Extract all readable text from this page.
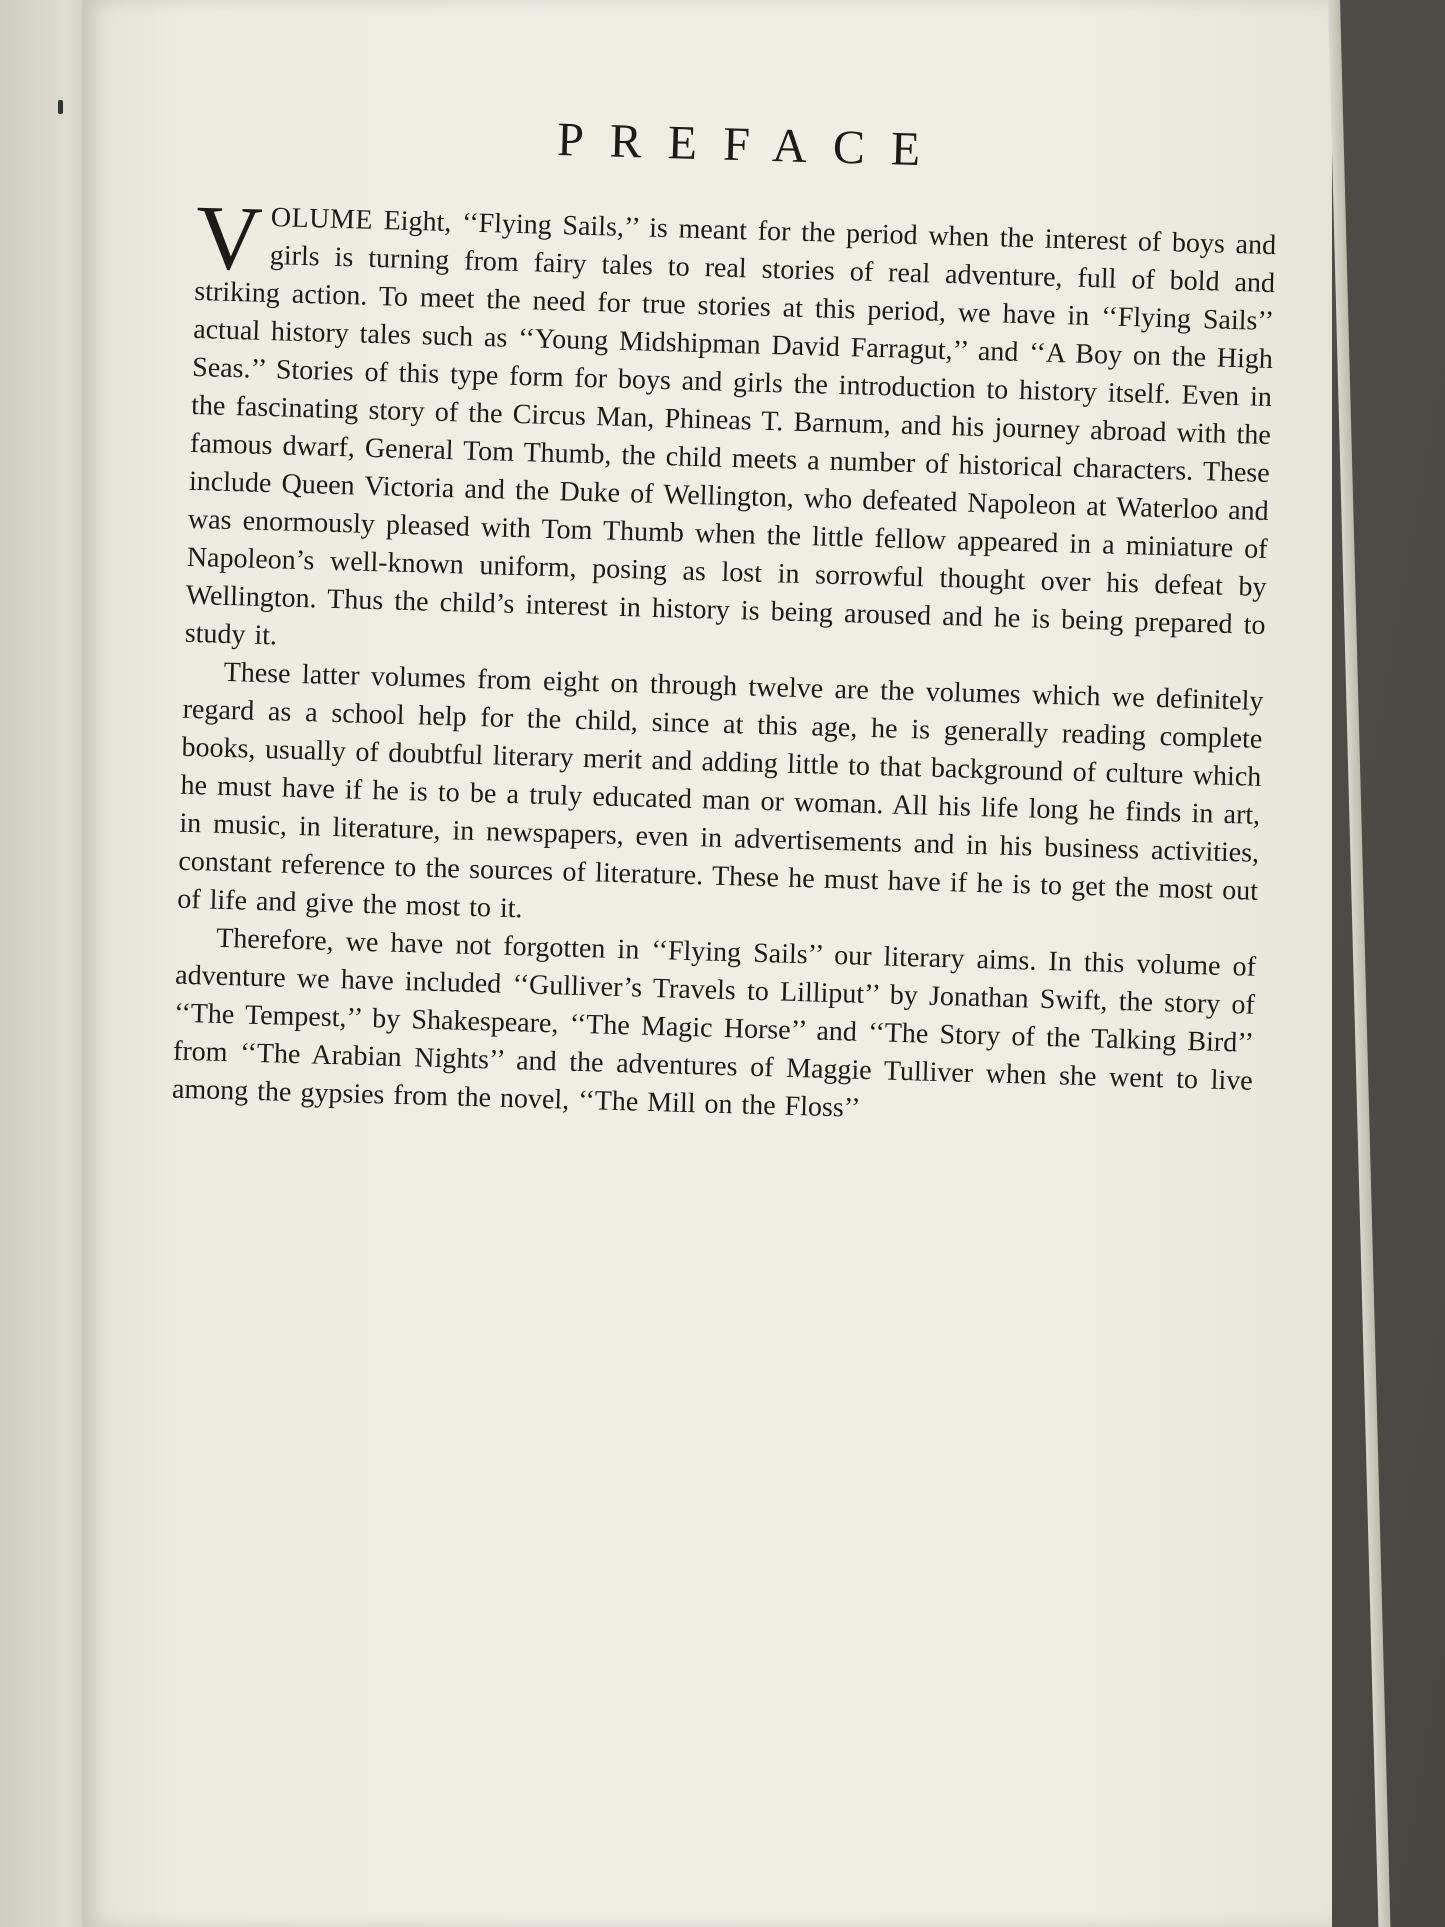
PREFACE

VOLUME Eight, ‘‘Flying Sails,’’ is meant for the period when the interest of boys and girls is turning from fairy tales to real stories of real adventure, full of bold and striking action. To meet the need for true stories at this period, we have in ‘‘Flying Sails’’ actual history tales such as ‘‘Young Midshipman David Farragut,’’ and ‘‘A Boy on the High Seas.’’ Stories of this type form for boys and girls the introduction to history itself. Even in the fascinating story of the Circus Man, Phineas T. Barnum, and his journey abroad with the famous dwarf, General Tom Thumb, the child meets a number of historical characters. These include Queen Victoria and the Duke of Wellington, who defeated Napoleon at Waterloo and was enormously pleased with Tom Thumb when the little fellow appeared in a miniature of Napoleon’s well-known uniform, posing as lost in sorrowful thought over his defeat by Wellington. Thus the child’s interest in history is being aroused and he is being prepared to study it.

These latter volumes from eight on through twelve are the volumes which we definitely regard as a school help for the child, since at this age, he is generally reading complete books, usually of doubtful literary merit and adding little to that background of culture which he must have if he is to be a truly educated man or woman. All his life long he finds in art, in music, in literature, in newspapers, even in advertisements and in his business activities, constant reference to the sources of literature. These he must have if he is to get the most out of life and give the most to it.

Therefore, we have not forgotten in ‘‘Flying Sails’’ our literary aims. In this volume of adventure we have included ‘‘Gulliver’s Travels to Lilliput’’ by Jonathan Swift, the story of ‘‘The Tempest,’’ by Shakespeare, ‘‘The Magic Horse’’ and ‘‘The Story of the Talking Bird’’ from ‘‘The Arabian Nights’’ and the adventures of Maggie Tulliver when she went to live among the gypsies from the novel, ‘‘The Mill on the Floss’’
